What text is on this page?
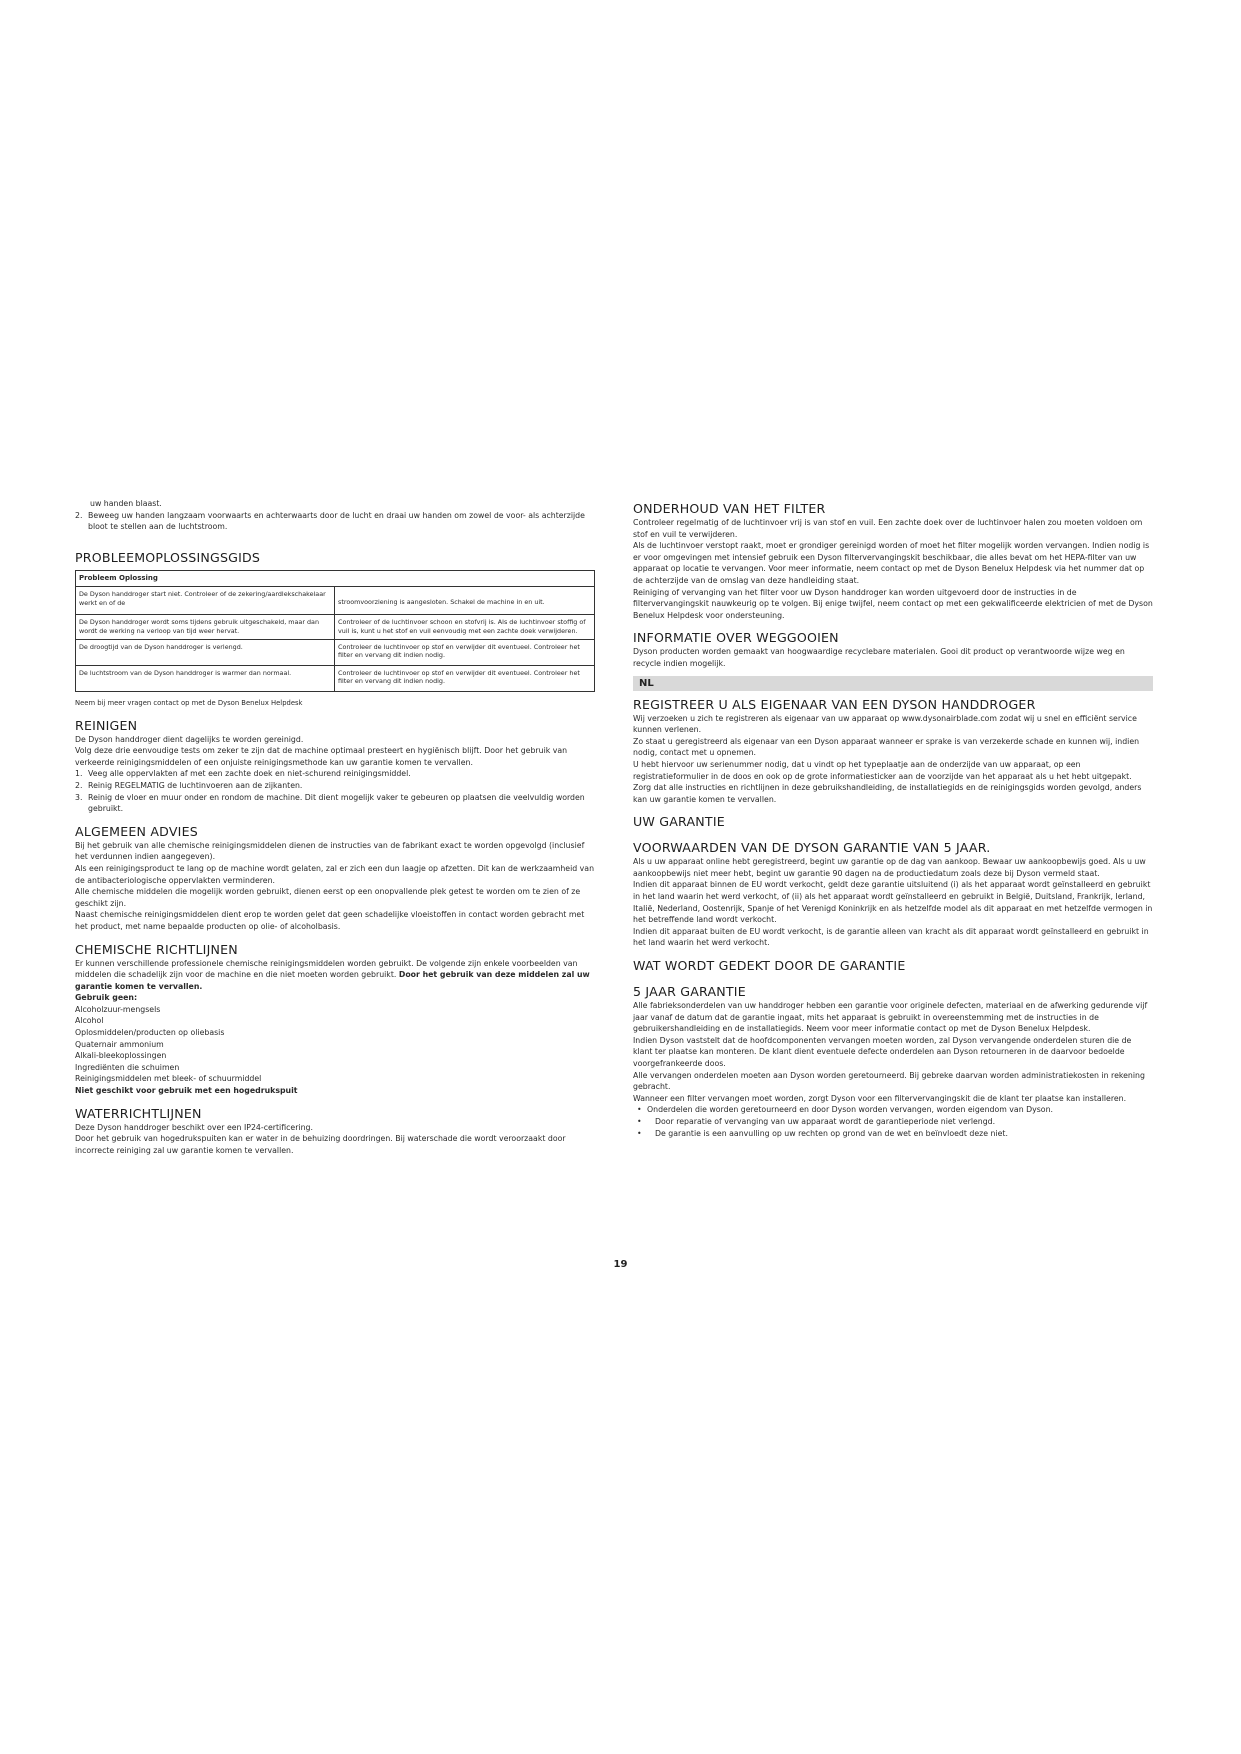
uw handen blaast.

2. Beweeg uw handen langzaam voorwaarts en achterwaarts door de lucht en draai uw handen om zowel de voor- als achterzijde bloot te stellen aan de luchtstroom.
PROBLEEMOPLOSSINGSGIDS
Probleem Oplossing	
De Dyson handdroger start niet. Controleer of de zekering/aardlekschakelaar werkt en of de	stroomvoorziening is aangesloten. Schakel de machine in en uit.
De Dyson handdroger wordt soms tijdens gebruik uitgeschakeld, maar dan wordt de werking na verloop van tijd weer hervat.	Controleer of de luchtinvoer schoon en stofvrij is. Als de luchtinvoer stoffig of vuil is, kunt u het stof en vuil eenvoudig met een zachte doek verwijderen.
De droogtijd van de Dyson handdroger is verlengd.	Controleer de luchtinvoer op stof en verwijder dit eventueel. Controleer het filter en vervang dit indien nodig.
De luchtstroom van de Dyson handdroger is warmer dan normaal.	Controleer de luchtinvoer op stof en verwijder dit eventueel. Controleer het filter en vervang dit indien nodig.

Neem bij meer vragen contact op met de Dyson Benelux Helpdesk

REINIGEN

De Dyson handdroger dient dagelijks te worden gereinigd.

Volg deze drie eenvoudige tests om zeker te zijn dat de machine optimaal presteert en hygiënisch blijft. Door het gebruik van verkeerde reinigingsmiddelen of een onjuiste reinigingsmethode kan uw garantie komen te vervallen.

1. Veeg alle oppervlakten af met een zachte doek en niet-schurend reinigingsmiddel.
2. Reinig REGELMATIG de luchtinvoeren aan de zijkanten.
3. Reinig de vloer en muur onder en rondom de machine. Dit dient mogelijk vaker te gebeuren op plaatsen die veelvuldig worden gebruikt.
ALGEMEEN ADVIES

Bij het gebruik van alle chemische reinigingsmiddelen dienen de instructies van de fabrikant exact te worden opgevolgd (inclusief het verdunnen indien aangegeven).

Als een reinigingsproduct te lang op de machine wordt gelaten, zal er zich een dun laagje op afzetten. Dit kan de werkzaamheid van de antibacteriologische oppervlakten verminderen.

Alle chemische middelen die mogelijk worden gebruikt, dienen eerst op een onopvallende plek getest te worden om te zien of ze geschikt zijn.

Naast chemische reinigingsmiddelen dient erop te worden gelet dat geen schadelijke vloeistoffen in contact worden gebracht met het product, met name bepaalde producten op olie- of alcoholbasis.

CHEMISCHE RICHTLIJNEN

Er kunnen verschillende professionele chemische reinigingsmiddelen worden gebruikt. De volgende zijn enkele voorbeelden van middelen die schadelijk zijn voor de machine en die niet moeten worden gebruikt. Door het gebruik van deze middelen zal uw garantie komen te vervallen.

Gebruik geen:

Alcoholzuur-mengsels

Alcohol

Oplosmiddelen/producten op oliebasis

Quaternair ammonium

Alkali-bleekoplossingen

Ingrediënten die schuimen

Reinigingsmiddelen met bleek- of schuurmiddel

Niet geschikt voor gebruik met een hogedrukspuit

WATERRICHTLIJNEN

Deze Dyson handdroger beschikt over een IP24-certificering.

Door het gebruik van hogedrukspuiten kan er water in de behuizing doordringen. Bij waterschade die wordt veroorzaakt door incorrecte reiniging zal uw garantie komen te vervallen.

ONDERHOUD VAN HET FILTER

Controleer regelmatig of de luchtinvoer vrij is van stof en vuil. Een zachte doek over de luchtinvoer halen zou moeten voldoen om stof en vuil te verwijderen.

Als de luchtinvoer verstopt raakt, moet er grondiger gereinigd worden of moet het filter mogelijk worden vervangen. Indien nodig is er voor omgevingen met intensief gebruik een Dyson filtervervangingskit beschikbaar, die alles bevat om het HEPA-filter van uw apparaat op locatie te vervangen. Voor meer informatie, neem contact op met de Dyson Benelux Helpdesk via het nummer dat op de achterzijde van de omslag van deze handleiding staat.

Reiniging of vervanging van het filter voor uw Dyson handdroger kan worden uitgevoerd door de instructies in de filtervervangingskit nauwkeurig op te volgen. Bij enige twijfel, neem contact op met een gekwalificeerde elektricien of met de Dyson Benelux Helpdesk voor ondersteuning.

INFORMATIE OVER WEGGOOIEN

Dyson producten worden gemaakt van hoogwaardige recyclebare materialen. Gooi dit product op verantwoorde wijze weg en recycle indien mogelijk.

NL
REGISTREER U ALS EIGENAAR VAN EEN DYSON HANDDROGER

Wij verzoeken u zich te registreren als eigenaar van uw apparaat op www.dysonairblade.com zodat wij u snel en efficiënt service kunnen verlenen.

Zo staat u geregistreerd als eigenaar van een Dyson apparaat wanneer er sprake is van verzekerde schade en kunnen wij, indien nodig, contact met u opnemen.

U hebt hiervoor uw serienummer nodig, dat u vindt op het typeplaatje aan de onderzijde van uw apparaat, op een registratieformulier in de doos en ook op de grote informatiesticker aan de voorzijde van het apparaat als u het hebt uitgepakt.

Zorg dat alle instructies en richtlijnen in deze gebruikshandleiding, de installatiegids en de reinigingsgids worden gevolgd, anders kan uw garantie komen te vervallen.

UW GARANTIE
VOORWAARDEN VAN DE DYSON GARANTIE VAN 5 JAAR.

Als u uw apparaat online hebt geregistreerd, begint uw garantie op de dag van aankoop. Bewaar uw aankoopbewijs goed. Als u uw aankoopbewijs niet meer hebt, begint uw garantie 90 dagen na de productiedatum zoals deze bij Dyson vermeld staat.

Indien dit apparaat binnen de EU wordt verkocht, geldt deze garantie uitsluitend (i) als het apparaat wordt geïnstalleerd en gebruikt in het land waarin het werd verkocht, of (ii) als het apparaat wordt geïnstalleerd en gebruikt in België, Duitsland, Frankrijk, Ierland, Italië, Nederland, Oostenrijk, Spanje of het Verenigd Koninkrijk en als hetzelfde model als dit apparaat en met hetzelfde vermogen in het betreffende land wordt verkocht.

Indien dit apparaat buiten de EU wordt verkocht, is de garantie alleen van kracht als dit apparaat wordt geïnstalleerd en gebruikt in het land waarin het werd verkocht.

WAT WORDT GEDEKT DOOR DE GARANTIE
5 JAAR GARANTIE

Alle fabrieksonderdelen van uw handdroger hebben een garantie voor originele defecten, materiaal en de afwerking gedurende vijf jaar vanaf de datum dat de garantie ingaat, mits het apparaat is gebruikt in overeenstemming met de instructies in de gebruikershandleiding en de installatiegids. Neem voor meer informatie contact op met de Dyson Benelux Helpdesk.

Indien Dyson vaststelt dat de hoofdcomponenten vervangen moeten worden, zal Dyson vervangende onderdelen sturen die de klant ter plaatse kan monteren. De klant dient eventuele defecte onderdelen aan Dyson retourneren in de daarvoor bedoelde voorgefrankeerde doos.

Alle vervangen onderdelen moeten aan Dyson worden geretourneerd. Bij gebreke daarvan worden administratiekosten in rekening gebracht.

Wanneer een filter vervangen moet worden, zorgt Dyson voor een filtervervangingskit die de klant ter plaatse kan installeren.

• Onderdelen die worden geretourneerd en door Dyson worden vervangen, worden eigendom van Dyson.
• Door reparatie of vervanging van uw apparaat wordt de garantieperiode niet verlengd.
• De garantie is een aanvulling op uw rechten op grond van de wet en beïnvloedt deze niet.
19
